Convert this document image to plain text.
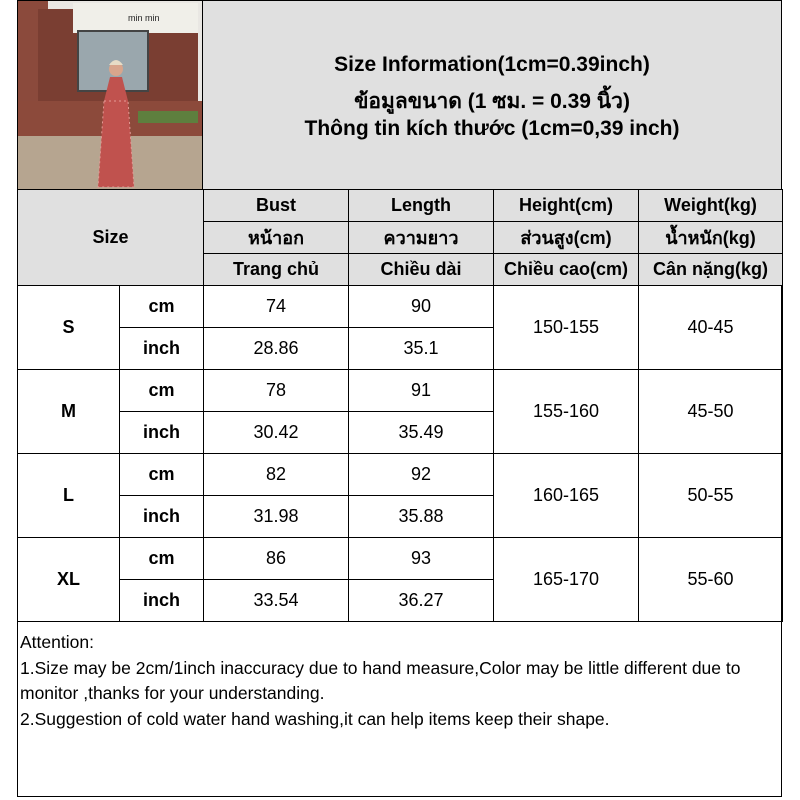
min min
Size Information(1cm=0.39inch)
ข้อมูลขนาด (1 ซม. = 0.39 นิ้ว)
Thông tin kích thước (1cm=0,39 inch)
Size		Bust	Length	Height(cm)	Weight(kg)
		หน้าอก	ความยาว	ส่วนสูง(cm)	น้ำหนัก(kg)
		Trang chủ	Chiều dài	Chiều cao(cm)	Cân nặng(kg)
S	cm	74	90	150-155	40-45
	inch	28.86	35.1		
M	cm	78	91	155-160	45-50
	inch	30.42	35.49		
L	cm	82	92	160-165	50-55
	inch	31.98	35.88		
XL	cm	86	93	165-170	55-60
	inch	33.54	36.27		
Attention:
1.Size may be 2cm/1inch inaccuracy due to hand measure,Color may be little different due to monitor ,thanks for your understanding.
2.Suggestion of cold water hand washing,it can help items keep their shape.
